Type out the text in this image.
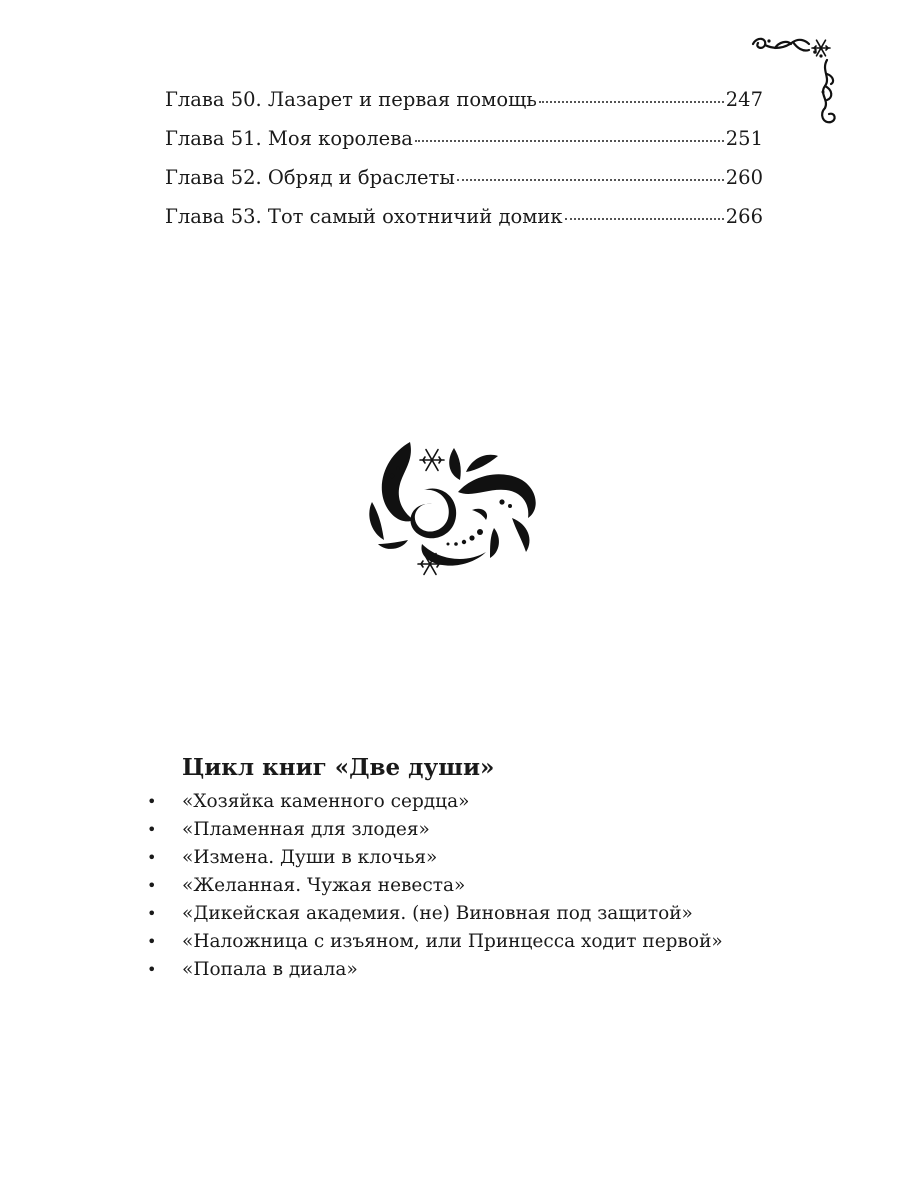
Глава 50. Лазарет и первая помощь	247
Глава 51. Моя королева	251
Глава 52. Обряд и браслеты	260
Глава 53. Тот самый охотничий домик	266
Цикл книг «Две души»
• «Хозяйка каменного сердца»
• «Пламенная для злодея»
• «Измена. Души в клочья»
• «Желанная. Чужая невеста»
• «Дикейская академия. (не) Виновная под защитой»
• «Наложница с изъяном, или Принцесса ходит первой»
• «Попала в диала»
